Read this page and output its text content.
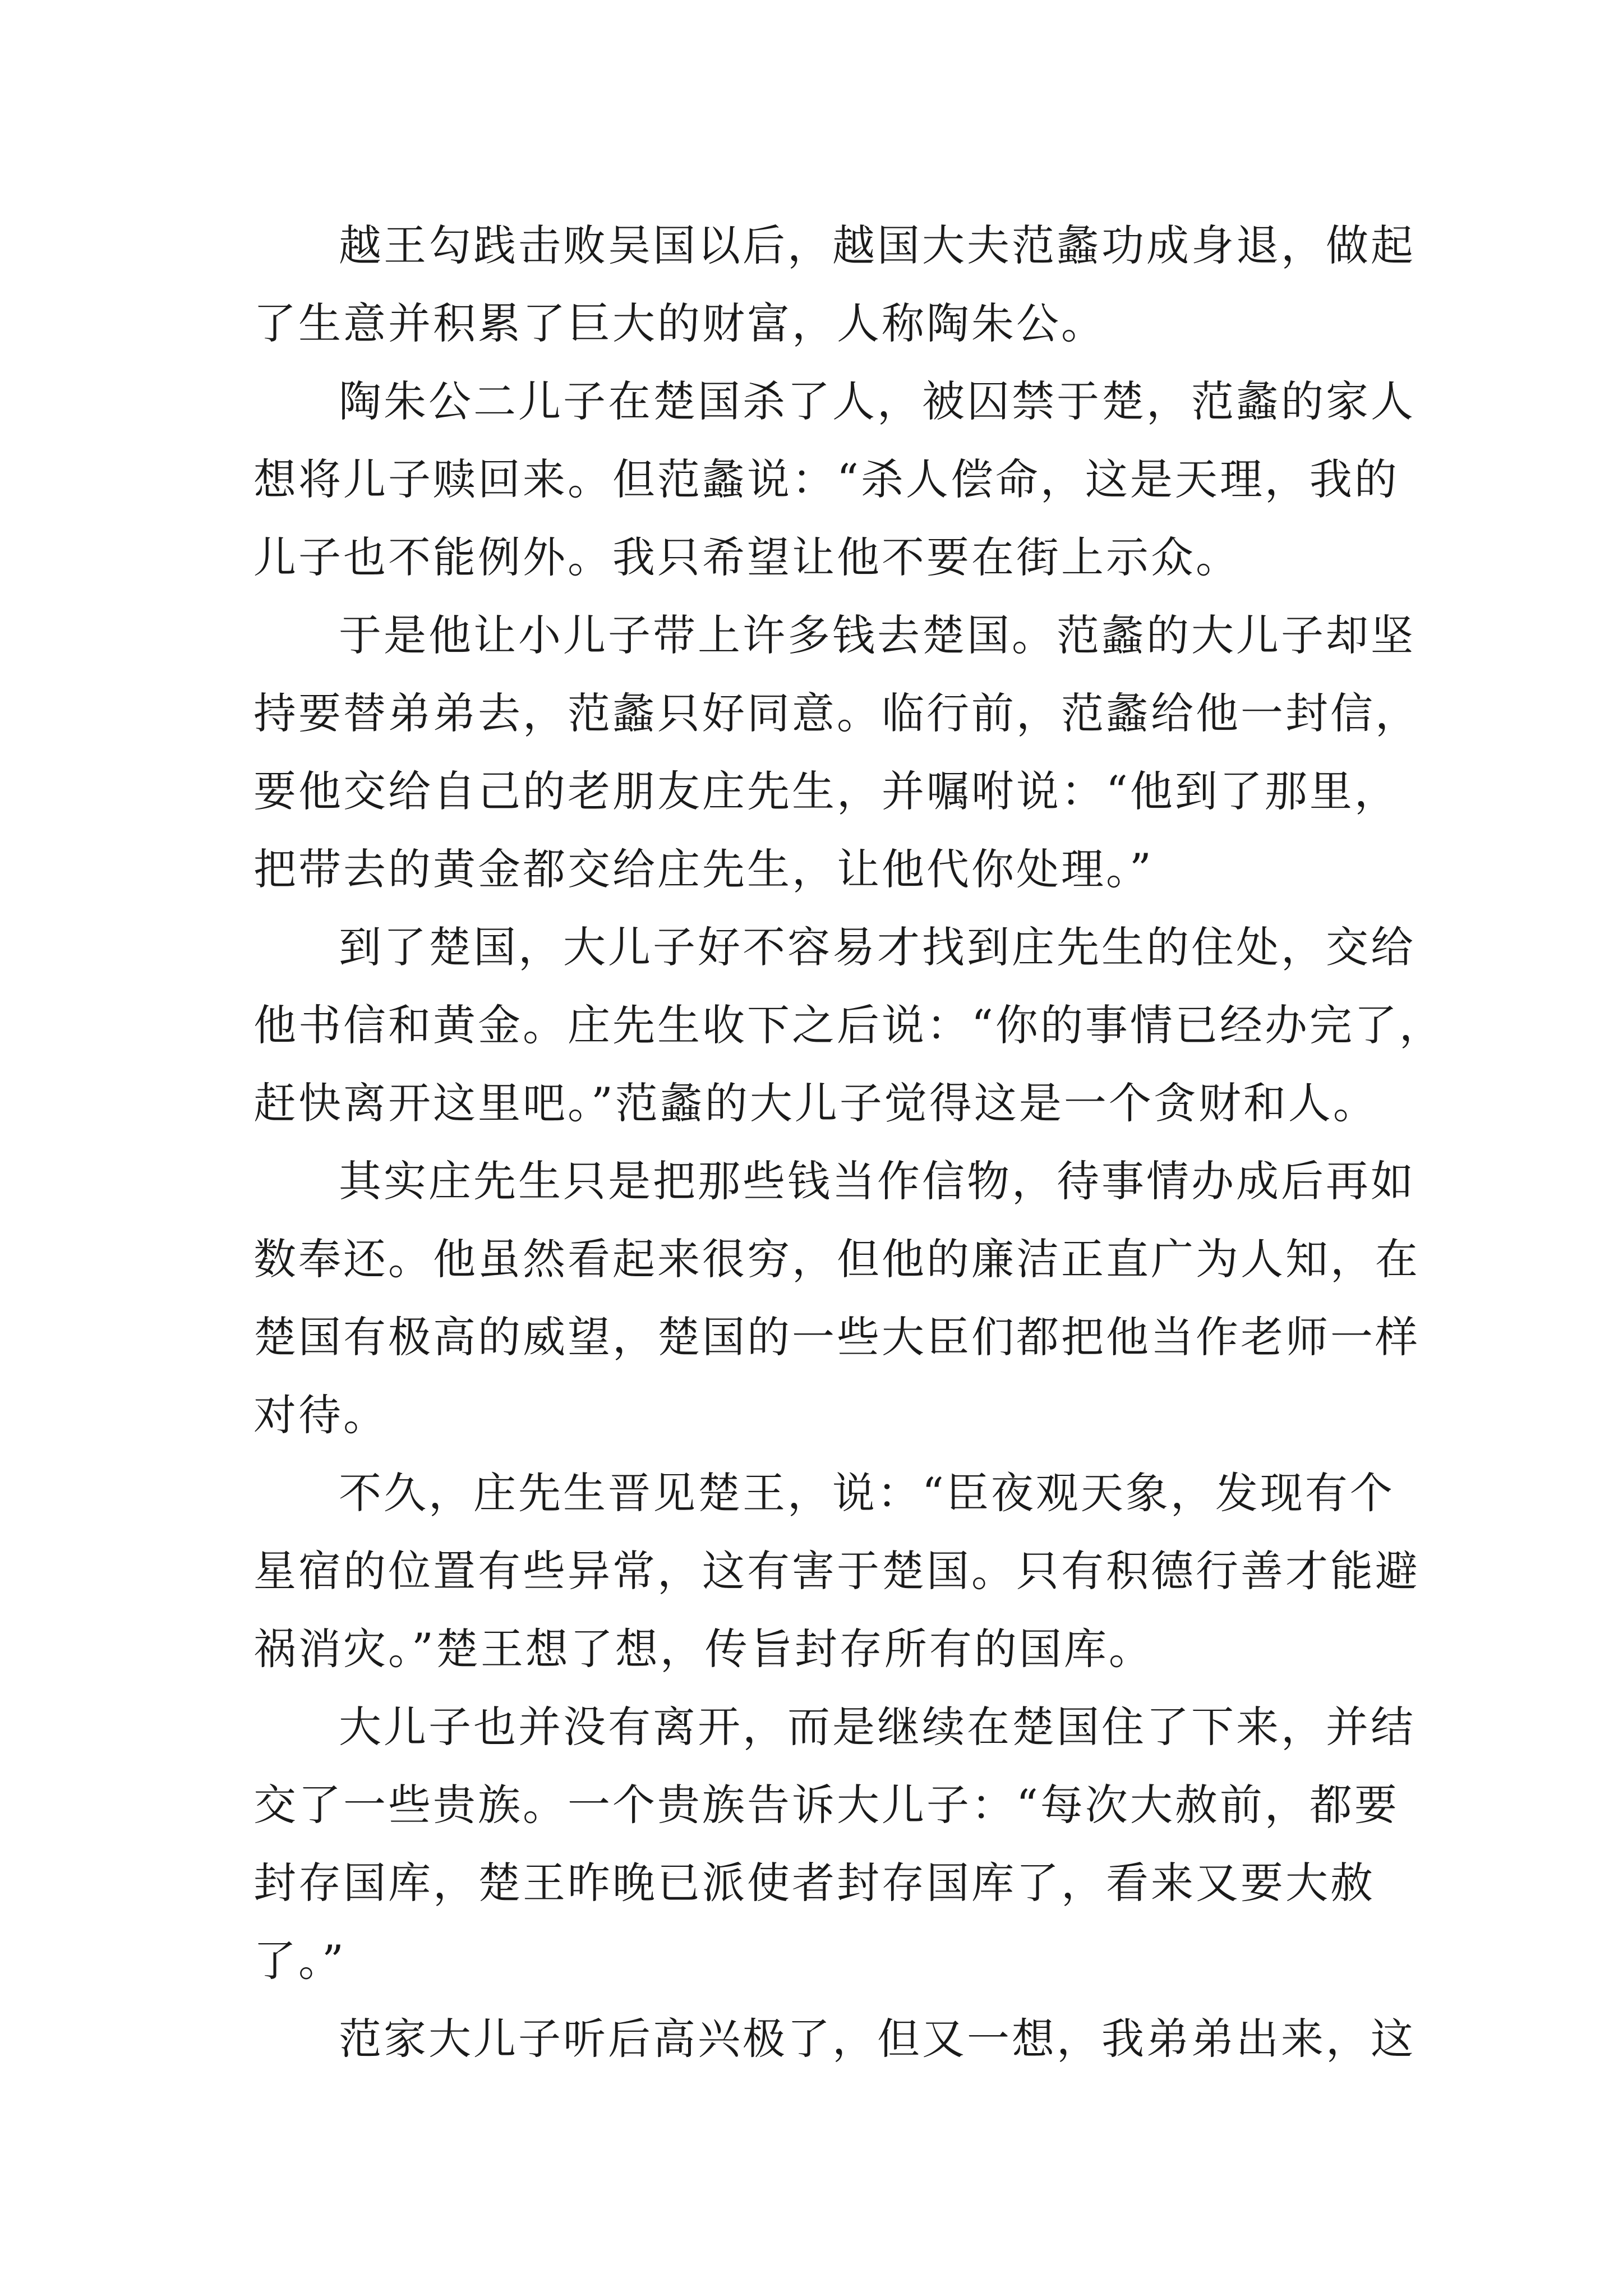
越王勾践击败吴国以后，越国大夫范蠡功成身退，做起
了生意并积累了巨大的财富，人称陶朱公。
陶朱公二儿子在楚国杀了人，被囚禁于楚，范蠡的家人
想将儿子赎回来。但范蠡说：“杀人偿命，这是天理，我的
儿子也不能例外。我只希望让他不要在街上示众。
于是他让小儿子带上许多钱去楚国。范蠡的大儿子却坚
持要替弟弟去，范蠡只好同意。临行前，范蠡给他一封信，
要他交给自己的老朋友庄先生，并嘱咐说：“他到了那里，
把带去的黄金都交给庄先生，让他代你处理。”
到了楚国，大儿子好不容易才找到庄先生的住处，交给
他书信和黄金。庄先生收下之后说：“你的事情已经办完了，
赶快离开这里吧。”范蠡的大儿子觉得这是一个贪财和人。
其实庄先生只是把那些钱当作信物，待事情办成后再如
数奉还。他虽然看起来很穷，但他的廉洁正直广为人知，在
楚国有极高的威望，楚国的一些大臣们都把他当作老师一样
对待。
不久，庄先生晋见楚王，说：“臣夜观天象，发现有个
星宿的位置有些异常，这有害于楚国。只有积德行善才能避
祸消灾。”楚王想了想，传旨封存所有的国库。
大儿子也并没有离开，而是继续在楚国住了下来，并结
交了一些贵族。一个贵族告诉大儿子：“每次大赦前，都要
封存国库，楚王昨晚已派使者封存国库了，看来又要大赦
了。”
范家大儿子听后高兴极了，但又一想，我弟弟出来，这
